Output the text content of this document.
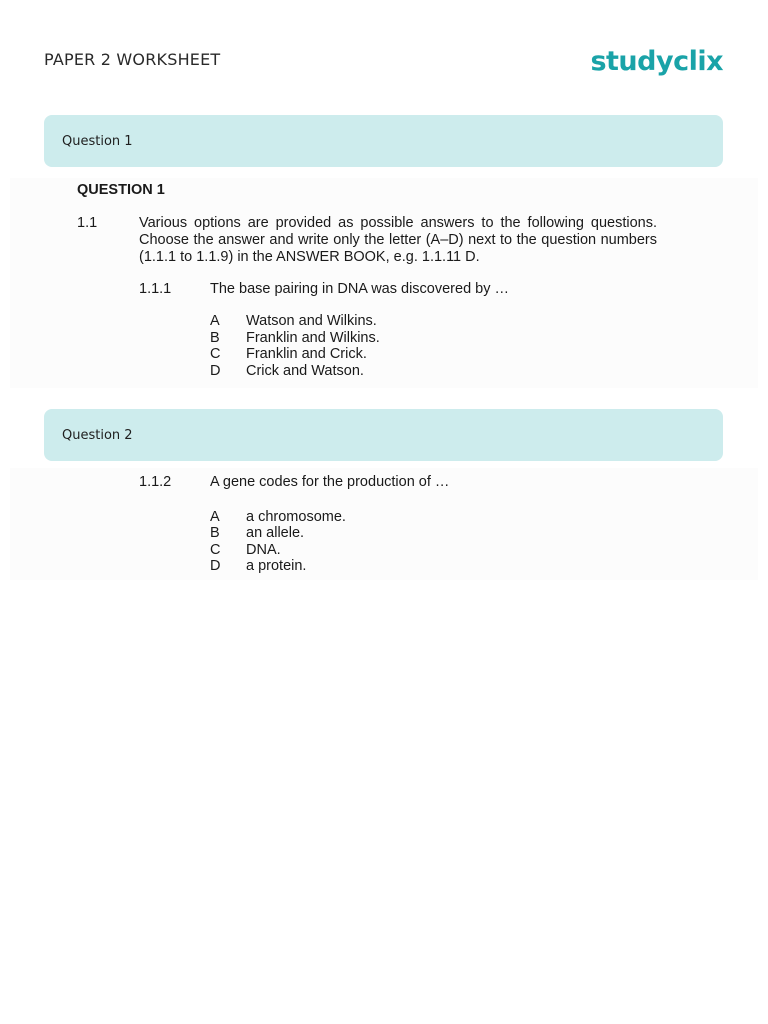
PAPER 2 WORKSHEET	studyclix
Question 1
QUESTION 1
1.1	Various options are provided as possible answers to the following questions. Choose the answer and write only the letter (A–D) next to the question numbers (1.1.1 to 1.1.9) in the ANSWER BOOK, e.g. 1.1.11 D.
1.1.1	The base pairing in DNA was discovered by …
A Watson and Wilkins.
B Franklin and Wilkins.
C Franklin and Crick.
D Crick and Watson.
Question 2
1.1.2	A gene codes for the production of …
A a chromosome.
B an allele.
C DNA.
D a protein.
